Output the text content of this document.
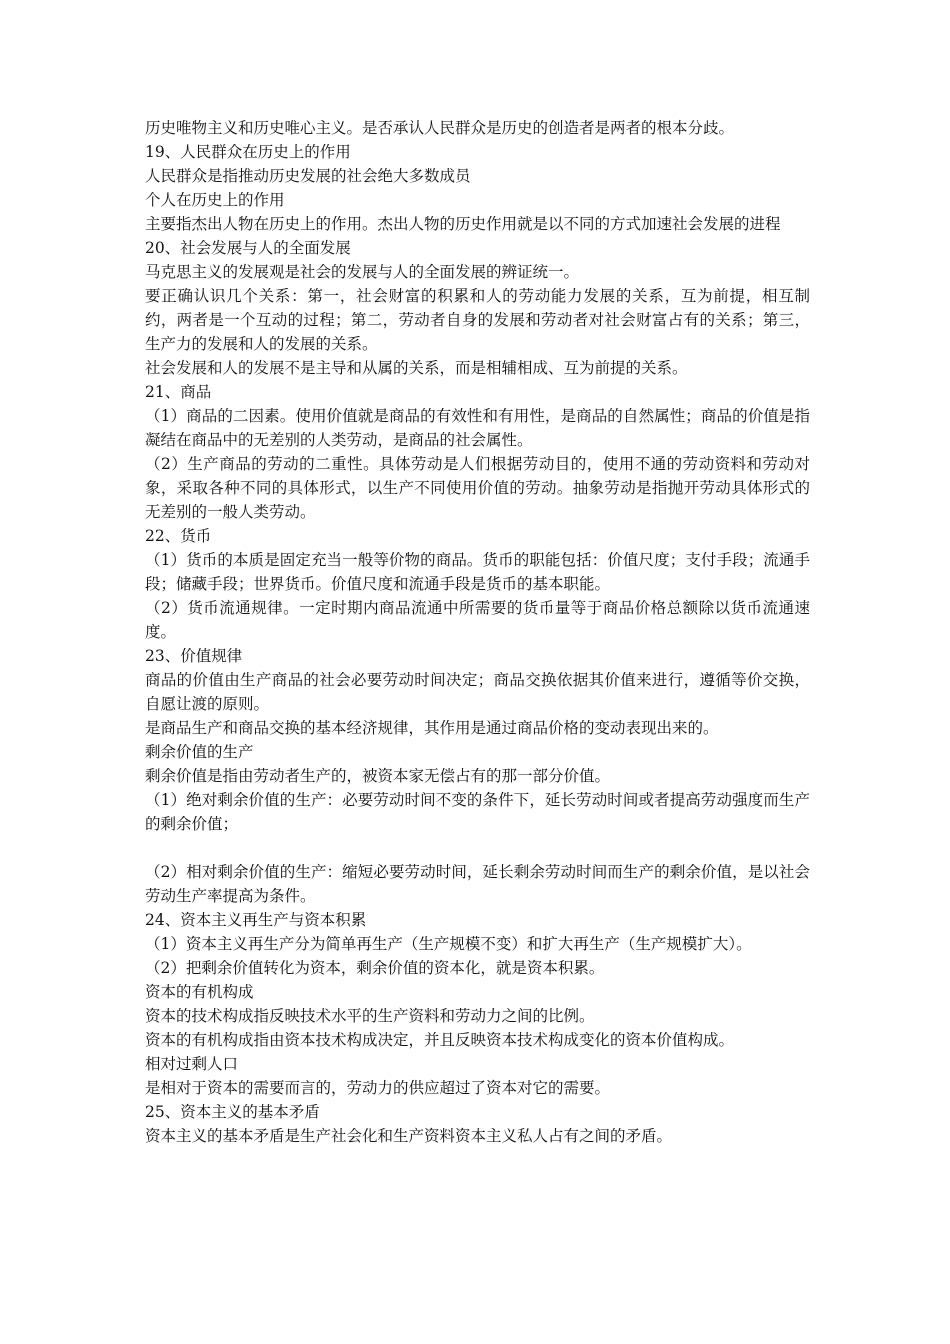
历史唯物主义和历史唯心主义。是否承认人民群众是历史的创造者是两者的根本分歧。
19、人民群众在历史上的作用
人民群众是指推动历史发展的社会绝大多数成员
个人在历史上的作用
主要指杰出人物在历史上的作用。杰出人物的历史作用就是以不同的方式加速社会发展的进程
20、社会发展与人的全面发展
马克思主义的发展观是社会的发展与人的全面发展的辨证统一。
要正确认识几个关系：第一，社会财富的积累和人的劳动能力发展的关系，互为前提，相互制约，两者是一个互动的过程；第二，劳动者自身的发展和劳动者对社会财富占有的关系；第三，生产力的发展和人的发展的关系。
社会发展和人的发展不是主导和从属的关系，而是相辅相成、互为前提的关系。
21、商品
（1）商品的二因素。使用价值就是商品的有效性和有用性，是商品的自然属性；商品的价值是指凝结在商品中的无差别的人类劳动，是商品的社会属性。
（2）生产商品的劳动的二重性。具体劳动是人们根据劳动目的，使用不通的劳动资料和劳动对象，采取各种不同的具体形式，以生产不同使用价值的劳动。抽象劳动是指抛开劳动具体形式的无差别的一般人类劳动。
22、货币
（1）货币的本质是固定充当一般等价物的商品。货币的职能包括：价值尺度；支付手段；流通手段；储藏手段；世界货币。价值尺度和流通手段是货币的基本职能。
（2）货币流通规律。一定时期内商品流通中所需要的货币量等于商品价格总额除以货币流通速度。
23、价值规律
商品的价值由生产商品的社会必要劳动时间决定；商品交换依据其价值来进行，遵循等价交换，自愿让渡的原则。
是商品生产和商品交换的基本经济规律，其作用是通过商品价格的变动表现出来的。
剩余价值的生产
剩余价值是指由劳动者生产的，被资本家无偿占有的那一部分价值。
（1）绝对剩余价值的生产：必要劳动时间不变的条件下，延长劳动时间或者提高劳动强度而生产的剩余价值；
（2）相对剩余价值的生产：缩短必要劳动时间，延长剩余劳动时间而生产的剩余价值，是以社会劳动生产率提高为条件。
24、资本主义再生产与资本积累
（1）资本主义再生产分为简单再生产（生产规模不变）和扩大再生产（生产规模扩大）。
（2）把剩余价值转化为资本，剩余价值的资本化，就是资本积累。
资本的有机构成
资本的技术构成指反映技术水平的生产资料和劳动力之间的比例。
资本的有机构成指由资本技术构成决定，并且反映资本技术构成变化的资本价值构成。
相对过剩人口
是相对于资本的需要而言的，劳动力的供应超过了资本对它的需要。
25、资本主义的基本矛盾
资本主义的基本矛盾是生产社会化和生产资料资本主义私人占有之间的矛盾。
